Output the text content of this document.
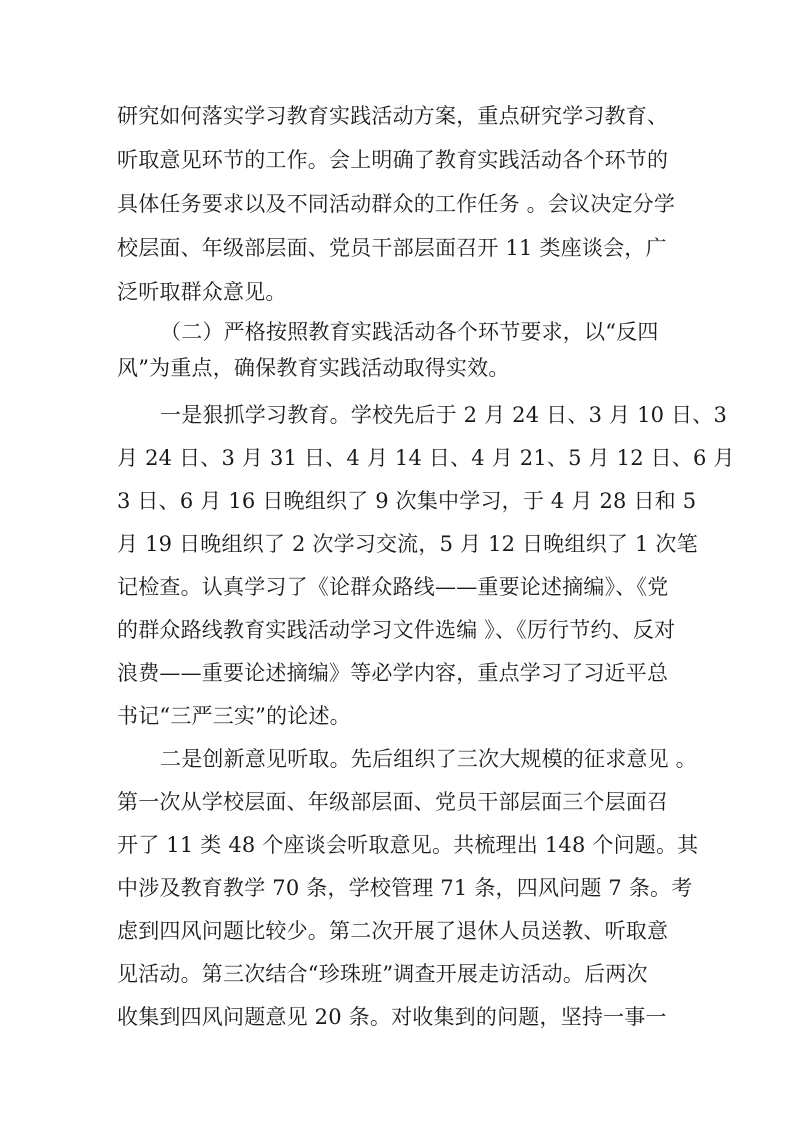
研究如何落实学习教育实践活动方案，重点研究学习教育、
听取意见环节的工作。会上明确了教育实践活动各个环节的
具体任务要求以及不同活动群众的工作任务 。会议决定分学
校层面、年级部层面、党员干部层面召开 11 类座谈会，广
泛听取群众意见。
（二）严格按照教育实践活动各个环节要求，以“反四
风”为重点，确保教育实践活动取得实效。
一是狠抓学习教育。学校先后于 2 月 24 日、3 月 10 日、3
月 24 日、3 月 31 日、4 月 14 日、4 月 21、5 月 12 日、6 月
3 日、6 月 16 日晚组织了 9 次集中学习，于 4 月 28 日和 5
月 19 日晚组织了 2 次学习交流，5 月 12 日晚组织了 1 次笔
记检查。认真学习了《论群众路线——重要论述摘编》、《党
的群众路线教育实践活动学习文件选编 》、《厉行节约、反对
浪费——重要论述摘编》等必学内容，重点学习了习近平总
书记“三严三实”的论述。
二是创新意见听取。先后组织了三次大规模的征求意见 。
第一次从学校层面、年级部层面、党员干部层面三个层面召
开了 11 类 48 个座谈会听取意见。共梳理出 148 个问题。其
中涉及教育教学 70 条，学校管理 71 条，四风问题 7 条。考
虑到四风问题比较少。第二次开展了退休人员送教、听取意
见活动。第三次结合“珍珠班”调查开展走访活动。后两次
收集到四风问题意见 20 条。对收集到的问题，坚持一事一
